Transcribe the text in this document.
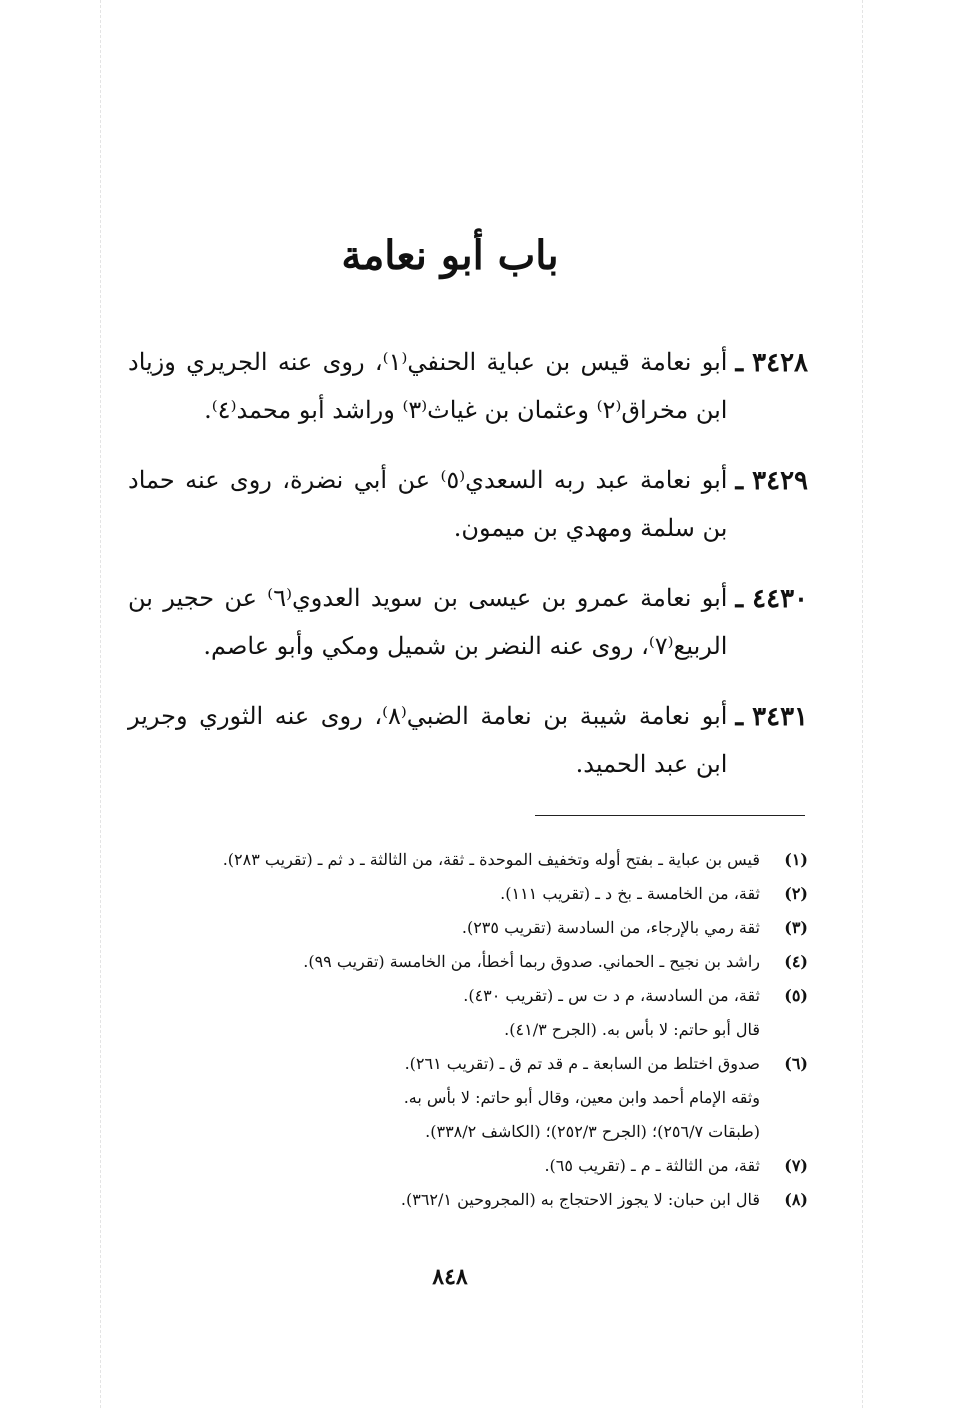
باب أبو نعامة
٣٤٢٨ ـ
أبو نعامة قيس بن عباية الحنفي⁽١⁾، روى عنه الجريري وزياد ابن مخراق⁽٢⁾ وعثمان بن غياث⁽٣⁾ وراشد أبو محمد⁽٤⁾.
٣٤٢٩ ـ
أبو نعامة عبد ربه السعدي⁽٥⁾ عن أبي نضرة، روى عنه حماد بن سلمة ومهدي بن ميمون.
٤٤٣٠ ـ
أبو نعامة عمرو بن عيسى بن سويد العدوي⁽٦⁾ عن حجير بن الربيع⁽٧⁾، روى عنه النضر بن شميل ومكي وأبو عاصم.
٣٤٣١ ـ
أبو نعامة شيبة بن نعامة الضبي⁽٨⁾، روى عنه الثوري وجرير ابن عبد الحميد.
(١)
قيس بن عباية ـ بفتح أوله وتخفيف الموحدة ـ ثقة، من الثالثة ـ د ثم ـ (تقريب ٢٨٣).
(٢)
ثقة، من الخامسة ـ بخ د ـ (تقريب ١١١).
(٣)
ثقة رمي بالإرجاء، من السادسة (تقريب ٢٣٥).
(٤)
راشد بن نجيح ـ الحماني. صدوق ربما أخطأ، من الخامسة (تقريب ٩٩).
(٥)
ثقة، من السادسة، م د ت س ـ (تقريب ٤٣٠).
قال أبو حاتم: لا بأس به. (الجرح ٤١/٣).
(٦)
صدوق اختلط من السابعة ـ م قد تم ق ـ (تقريب ٢٦١).
وثقه الإمام أحمد وابن معين، وقال أبو حاتم: لا بأس به.
(طبقات ٢٥٦/٧)؛ (الجرح ٢٥٢/٣)؛ (الكاشف ٣٣٨/٢).
(٧)
ثقة، من الثالثة ـ م ـ (تقريب ٦٥).
(٨)
قال ابن حبان: لا يجوز الاحتجاج به (المجروحين ٣٦٢/١).
٨٤٨
